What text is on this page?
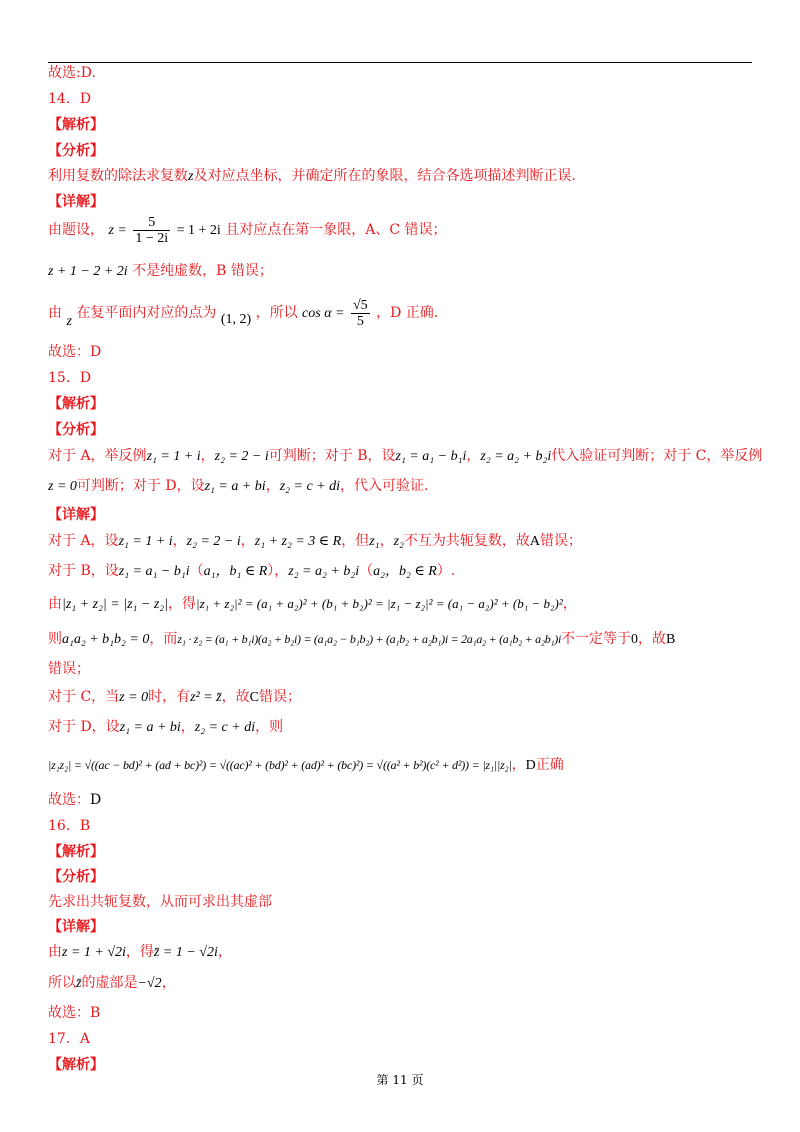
故选:D.
14．D
【解析】
【分析】
利用复数的除法求复数z及对应点坐标，并确定所在的象限，结合各选项描述判断正误.
【详解】
由题设， $z = \frac{5}{1 - 2i} = 1 + 2i$ 且对应点在第一象限，A、C 错误；
z + 1 − 2 + 2i 不是纯虚数，B 错误；
由 z 在复平面内对应的点为 (1, 2) ，所以 $\cos \alpha = \frac{√5}{5}$ ，D 正确.
故选：D
15．D
【解析】
【分析】
对于 A，举反例z₁ = 1 + i，z₂ = 2 − i可判断；对于 B，设z₁ = a₁ − b₁i，z₂ = a₂ + b₂i代入验证可判断；对于 C，举反例
z = 0可判断；对于 D，设z₁ = a + bi，z₂ = c + di，代入可验证.
【详解】
对于 A，设z₁ = 1 + i，z₂ = 2 − i，z₁ + z₂ = 3 ∈ R，但z₁，z₂不互为共轭复数，故A错误；
对于 B，设z₁ = a₁ − b₁i（a₁，b₁ ∈ R），z₂ = a₂ + b₂i（a₂，b₂ ∈ R）.
由|z₁ + z₂| = |z₁ − z₂|，得|z₁ + z₂|² = (a₁ + a₂)² + (b₁ + b₂)² = |z₁ − z₂|² = (a₁ − a₂)² + (b₁ − b₂)²，
则a₁a₂ + b₁b₂ = 0，而z₁ · z₂ = (a₁ + b₁i)(a₂ + b₂i) = (a₁a₂ − b₁b₂) + (a₁b₂ + a₂b₁)i = 2a₁a₂ + (a₁b₂ + a₂b₁)i不一定等于0，故B
错误；
对于 C，当z = 0时，有z² = z̄，故C错误；
对于 D，设z₁ = a + bi，z₂ = c + di，则
|z₁z₂| = √((ac − bd)² + (ad + bc)²) = √((ac)² + (bd)² + (ad)² + (bc)²) = √((a² + b²)(c² + d²)) = |z₁||z₂|，D正确
故选：D
16．B
【解析】
【分析】
先求出共轭复数，从而可求出其虚部
【详解】
由z = 1 + √2i，得z̄ = 1 − √2i，
所以z̄的虚部是−√2，
故选：B
17．A
【解析】
第 11 页
